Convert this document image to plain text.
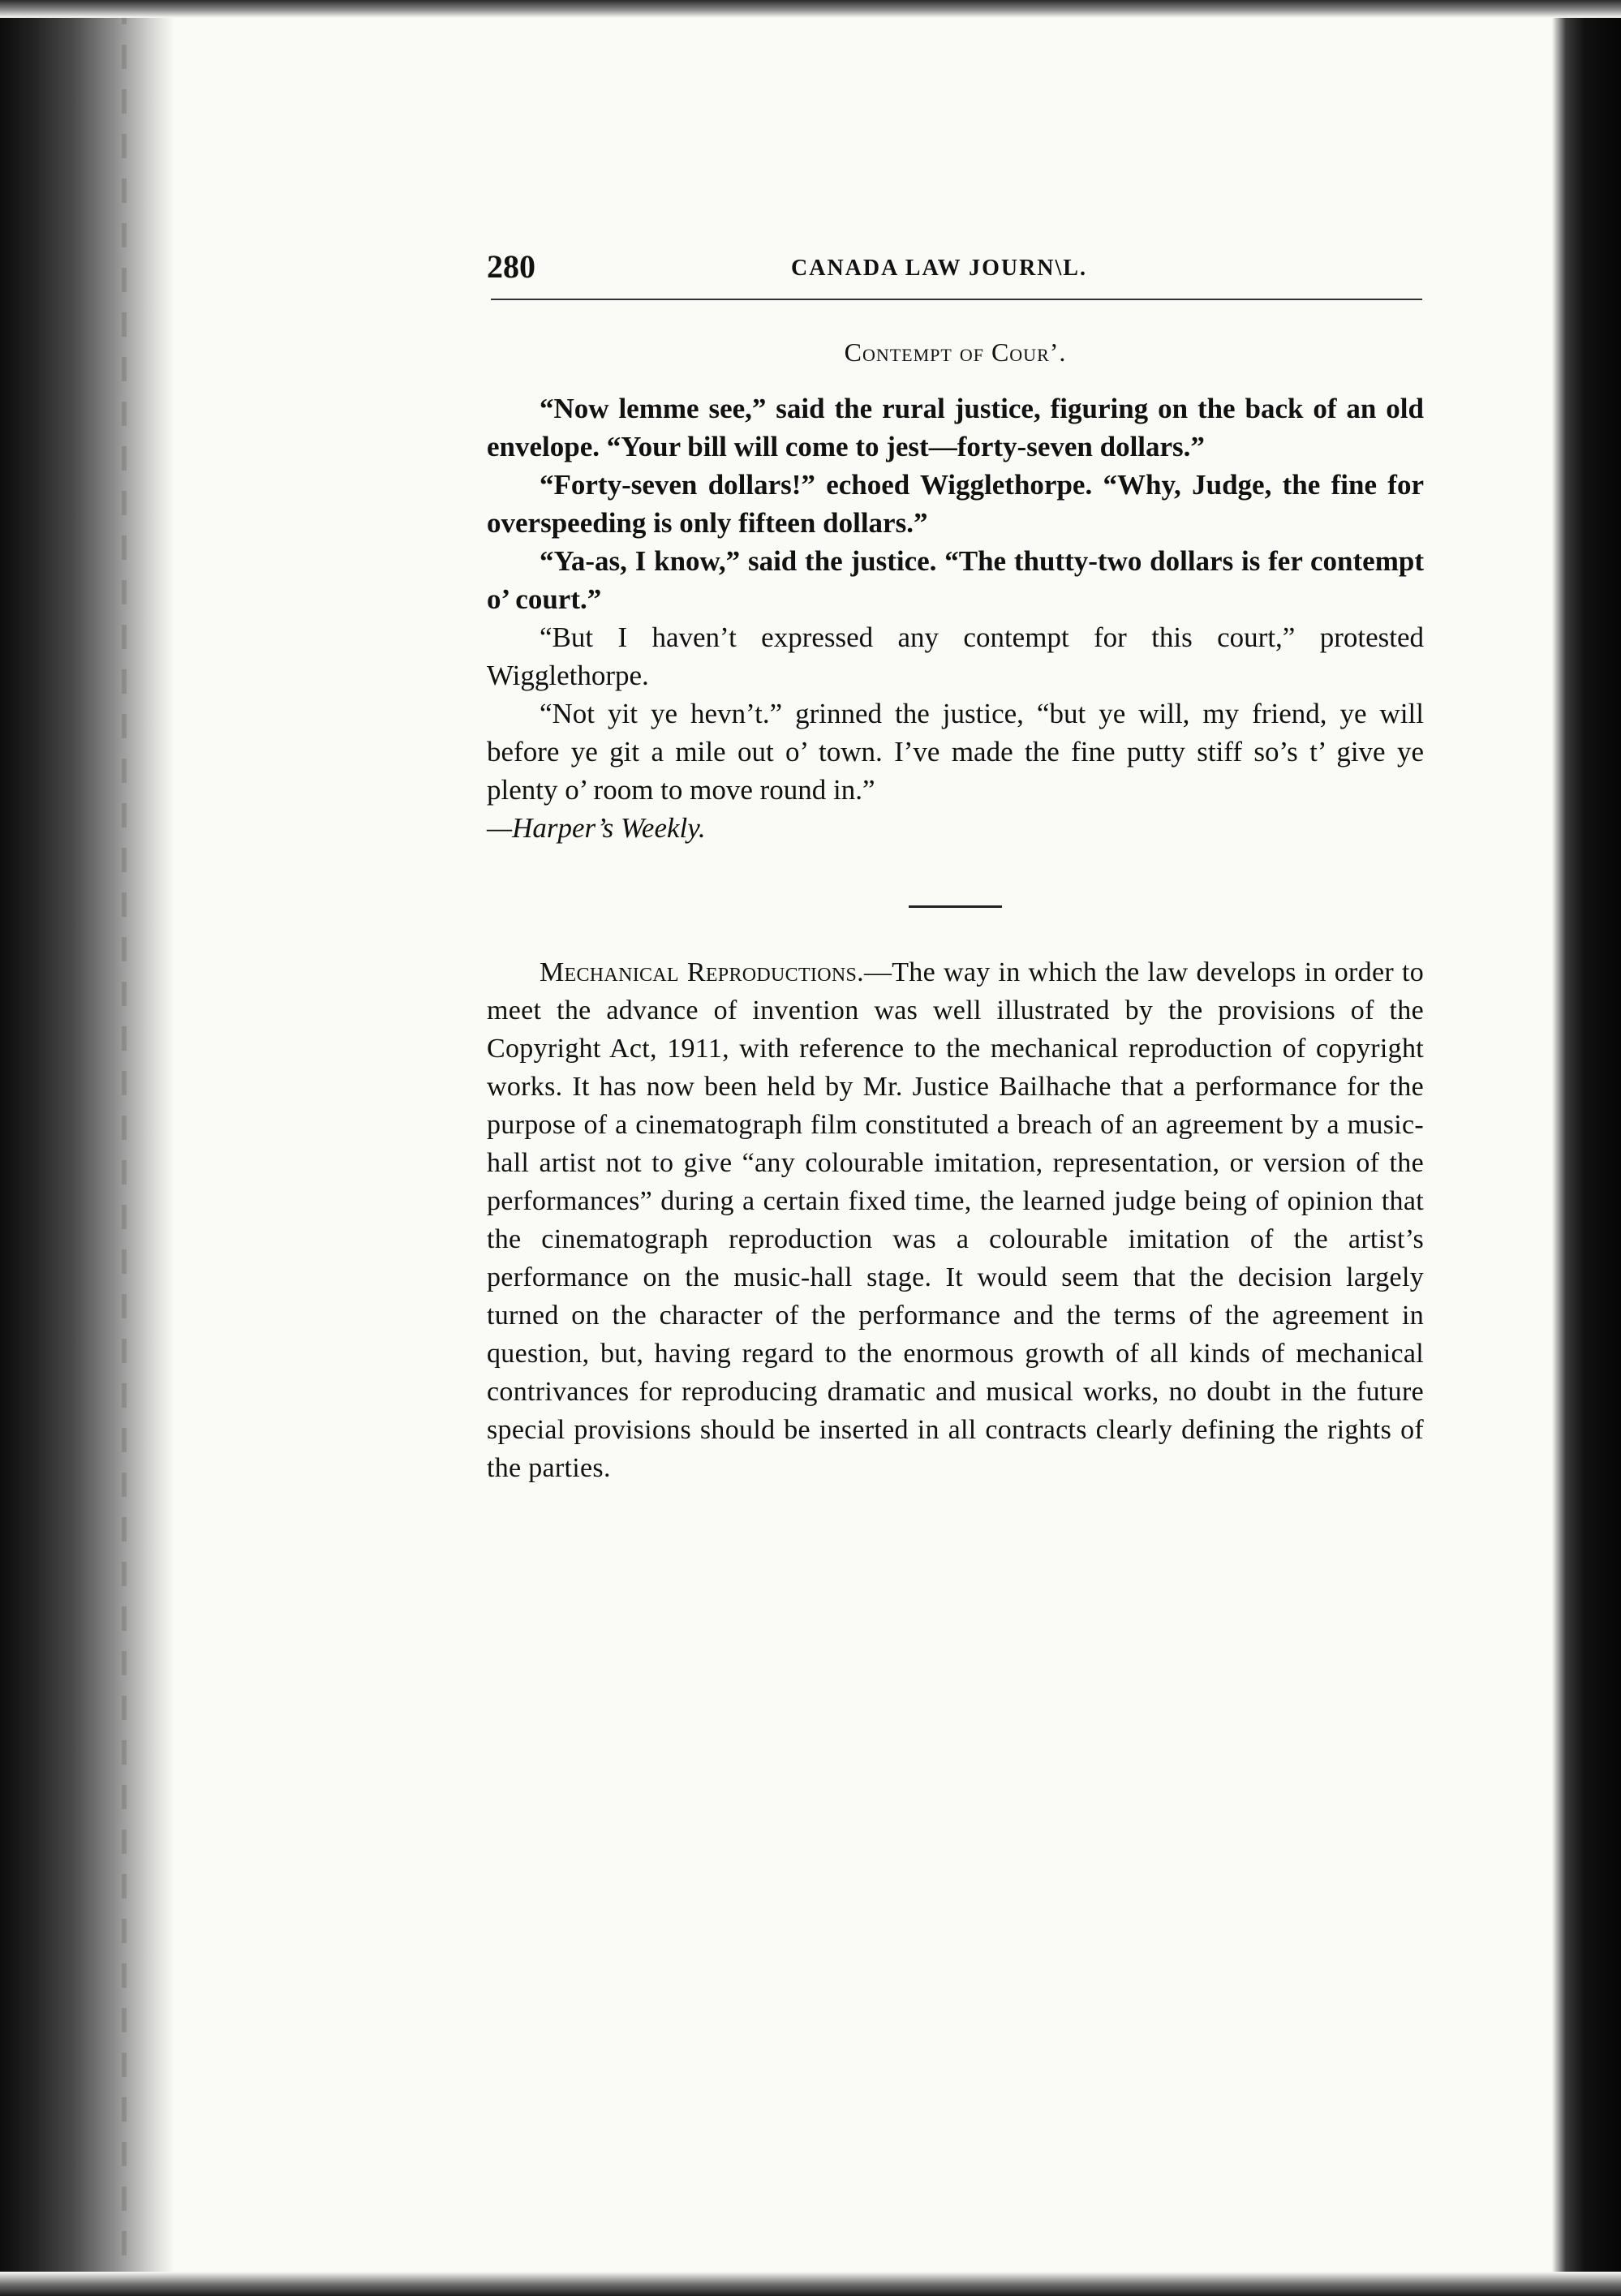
280	CANADA LAW JOURN\L.
Contempt of Cour’.

“Now lemme see,” said the rural justice, figuring on the back of an old envelope. “Your bill will come to jest—forty-seven dollars.”

“Forty-seven dollars!” echoed Wigglethorpe. “Why, Judge, the fine for overspeeding is only fifteen dollars.”

“Ya-as, I know,” said the justice. “The thutty-two dollars is fer contempt o’ court.”

“But I haven’t expressed any contempt for this court,” protested Wigglethorpe.

“Not yit ye hevn’t.” grinned the justice, “but ye will, my friend, ye will before ye git a mile out o’ town. I’ve made the fine putty stiff so’s t’ give ye plenty o’ room to move round in.”

—Harper’s Weekly.

Mechanical Reproductions.—The way in which the law develops in order to meet the advance of invention was well illustrated by the provisions of the Copyright Act, 1911, with reference to the mechanical reproduction of copyright works. It has now been held by Mr. Justice Bailhache that a performance for the purpose of a cinematograph film constituted a breach of an agreement by a music-hall artist not to give “any colourable imitation, representation, or version of the performances” during a certain fixed time, the learned judge being of opinion that the cinematograph reproduction was a colourable imitation of the artist’s performance on the music-hall stage. It would seem that the decision largely turned on the character of the performance and the terms of the agreement in question, but, having regard to the enormous growth of all kinds of mechanical contrivances for reproducing dramatic and musical works, no doubt in the future special provisions should be inserted in all contracts clearly defining the rights of the parties.
